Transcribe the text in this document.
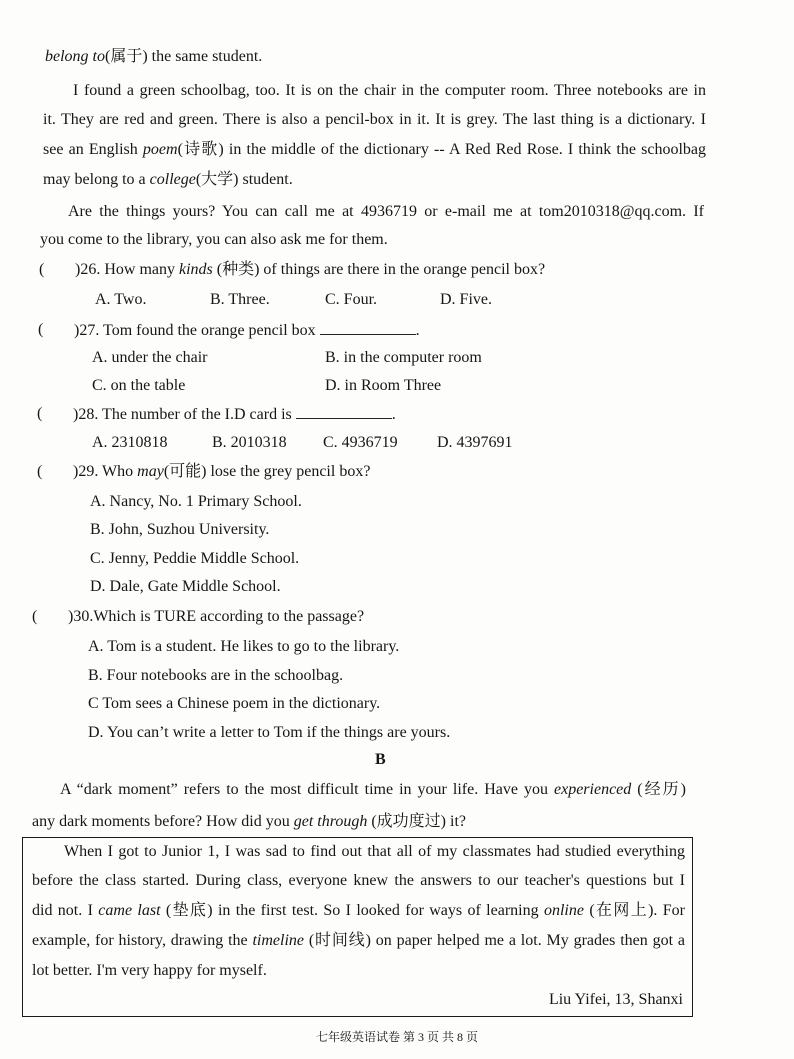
belong to(属于) the same student.
I found a green schoolbag, too. It is on the chair in the computer room. Three notebooks are in
it. They are red and green. There is also a pencil-box in it. It is grey. The last thing is a dictionary. I
see an English poem(诗歌) in the middle of the dictionary -- A Red Red Rose. I think the schoolbag
may belong to a college(大学) student.
Are the things yours? You can call me at 4936719 or e-mail me at tom2010318@qq.com. If
you come to the library, you can also ask me for them.
( )26. How many kinds (种类) of things are there in the orange pencil box?
A. Two.	B. Three.	C. Four.	D. Five.
( )27. Tom found the orange pencil box	.
A. under the chair	B. in the computer room
C. on the table	D. in Room Three
( )28. The number of the I.D card is	.
A. 2310818	B. 2010318 C. 4936719 D. 4397691
( )29. Who may(可能) lose the grey pencil box?
A. Nancy, No. 1 Primary School.
B. John, Suzhou University.
C. Jenny, Peddie Middle School.
D. Dale, Gate Middle School.
( )30.Which is TURE according to the passage?
A. Tom is a student. He likes to go to the library.
B. Four notebooks are in the schoolbag.
C Tom sees a Chinese poem in the dictionary.
D. You can’t write a letter to Tom if the things are yours.
B
A “dark moment” refers to the most difficult time in your life. Have you experienced (经历)
any dark moments before? How did you get through (成功度过) it?
When I got to Junior 1, I was sad to find out that all of my classmates had studied everything
before the class started. During class, everyone knew the answers to our teacher's questions but I
did not. I came last (垫底) in the first test. So I looked for ways of learning online (在网上). For
example, for history, drawing the timeline (时间线) on paper helped me a lot. My grades then got a
lot better. I'm very happy for myself.
Liu Yifei, 13, Shanxi
七年级英语试卷 第 3 页 共 8 页
